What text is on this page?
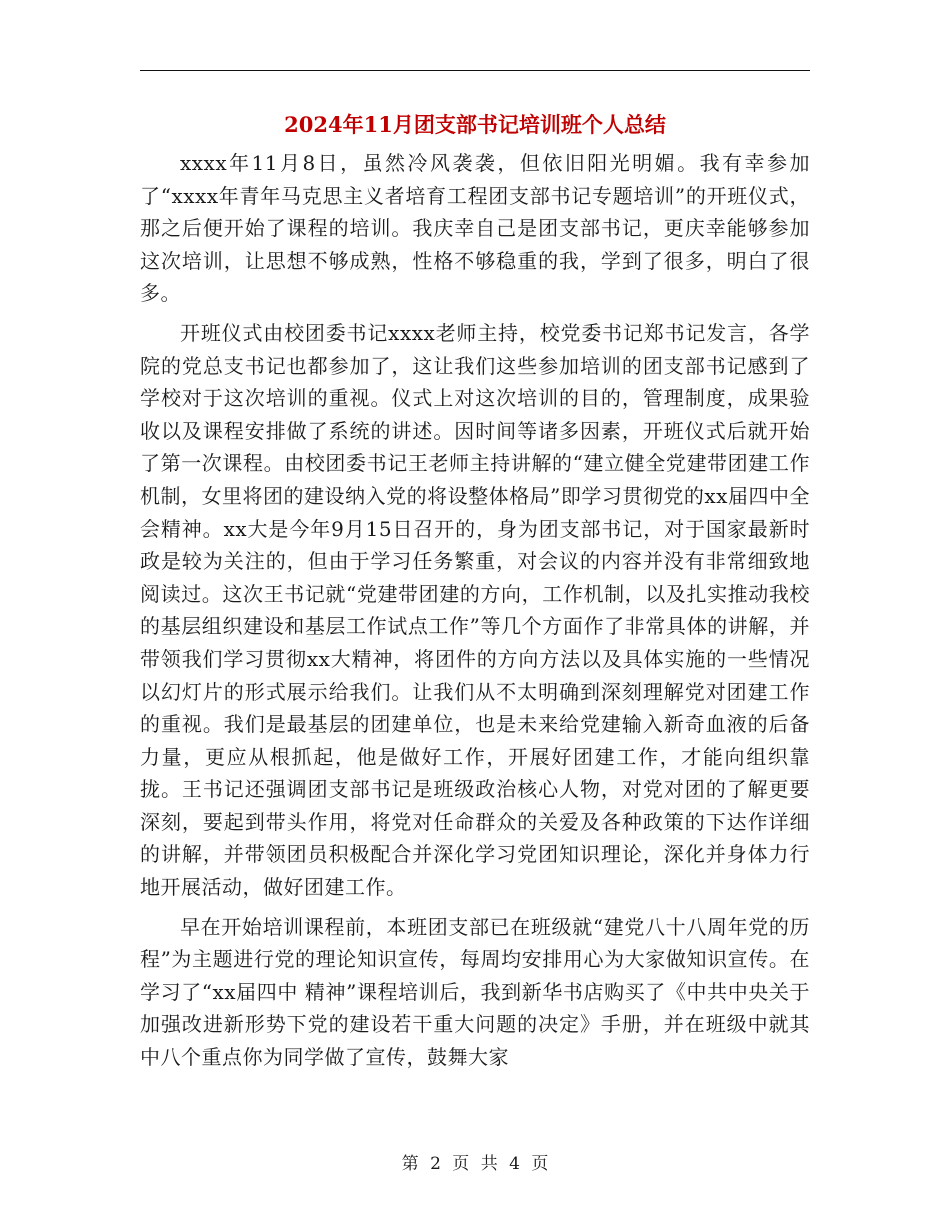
2024年11月团支部书记培训班个人总结

xxxx年11月8日，虽然冷风袭袭，但依旧阳光明媚。我有幸参加了“xxxx年青年马克思主义者培育工程团支部书记专题培训”的开班仪式，那之后便开始了课程的培训。我庆幸自己是团支部书记，更庆幸能够参加这次培训，让思想不够成熟，性格不够稳重的我，学到了很多，明白了很多。

开班仪式由校团委书记xxxx老师主持，校党委书记郑书记发言，各学院的党总支书记也都参加了，这让我们这些参加培训的团支部书记感到了学校对于这次培训的重视。仪式上对这次培训的目的，管理制度，成果验收以及课程安排做了系统的讲述。因时间等诸多因素，开班仪式后就开始了第一次课程。由校团委书记王老师主持讲解的“建立健全党建带团建工作机制，女里将团的建设纳入党的将设整体格局”即学习贯彻党的xx届四中全会精神。xx大是今年9月15日召开的，身为团支部书记，对于国家最新时政是较为关注的，但由于学习任务繁重，对会议的内容并没有非常细致地阅读过。这次王书记就“党建带团建的方向，工作机制，以及扎实推动我校的基层组织建设和基层工作试点工作”等几个方面作了非常具体的讲解，并带领我们学习贯彻xx大精神，将团件的方向方法以及具体实施的一些情况以幻灯片的形式展示给我们。让我们从不太明确到深刻理解党对团建工作的重视。我们是最基层的团建单位，也是未来给党建输入新奇血液的后备力量，更应从根抓起，他是做好工作，开展好团建工作，才能向组织靠拢。王书记还强调团支部书记是班级政治核心人物，对党对团的了解更要深刻，要起到带头作用，将党对任命群众的关爱及各种政策的下达作详细的讲解，并带领团员积极配合并深化学习党团知识理论，深化并身体力行地开展活动，做好团建工作。

早在开始培训课程前，本班团支部已在班级就“建党八十八周年党的历程”为主题进行党的理论知识宣传，每周均安排用心为大家做知识宣传。在学习了“xx届四中 精神”课程培训后，我到新华书店购买了《中共中央关于加强改进新形势下党的建设若干重大问题的决定》手册，并在班级中就其中八个重点你为同学做了宣传，鼓舞大家

第 2 页 共 4 页
